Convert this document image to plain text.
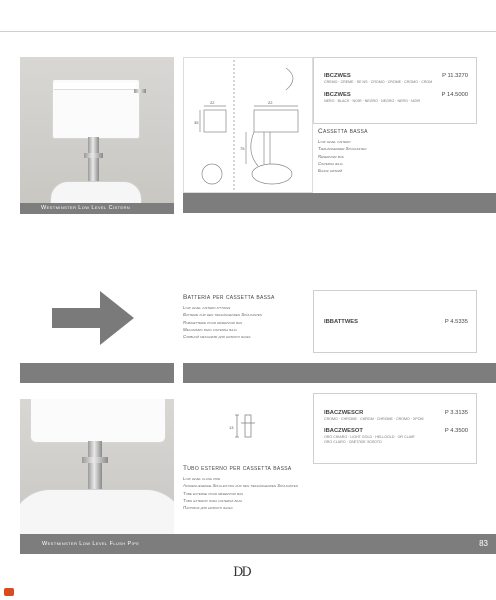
Westminster Low Level Cistern
22	22
35
75
IBCZWES	P 11.3270
CREMO · CREME · SE NS · CROMO · CROME · CROMO · CROM
IBCZWES	P 14.5000
NERO · BLACK · NOIR · NEGRO · NEGRO · NERO · NOIR
Cassetta bassa
Low level cistern
Tiefhängender Spülkasten
Réservoir bas
Cisterna baja
Бачок низкий
Batteria per cassetta bassa
Low level cistern fittings
Batterie für den tiefhängenden Spülkasten
Robinetterie pour réservoir bas
Mecanismo para cisterna baja
Сливной механизм для низкого бачка
IBBATTWES	P 4.5335
Westminster Low Level Flush Pipe	83
13
IBACZWESCR	P 3.3135
CROMO · CHROME · CHROM · CHROME · CROMO · ХРОМ
IBACZWESOT	P 4.3500
ORO CHIARO · LIGHT GOLD · HELLGOLD · OR CLAIR
ORO CLARO · СВЕТЛОЕ ЗОЛОТО
Tubo esterno per cassetta bassa
Low level flush pipe
Außenliegende Spülleitung für den tiefhängenden Spülkasten
Tube externe pour réservoir bas
Tubo externo para cisterna baja
Патрубок для низкого бачка
DD
